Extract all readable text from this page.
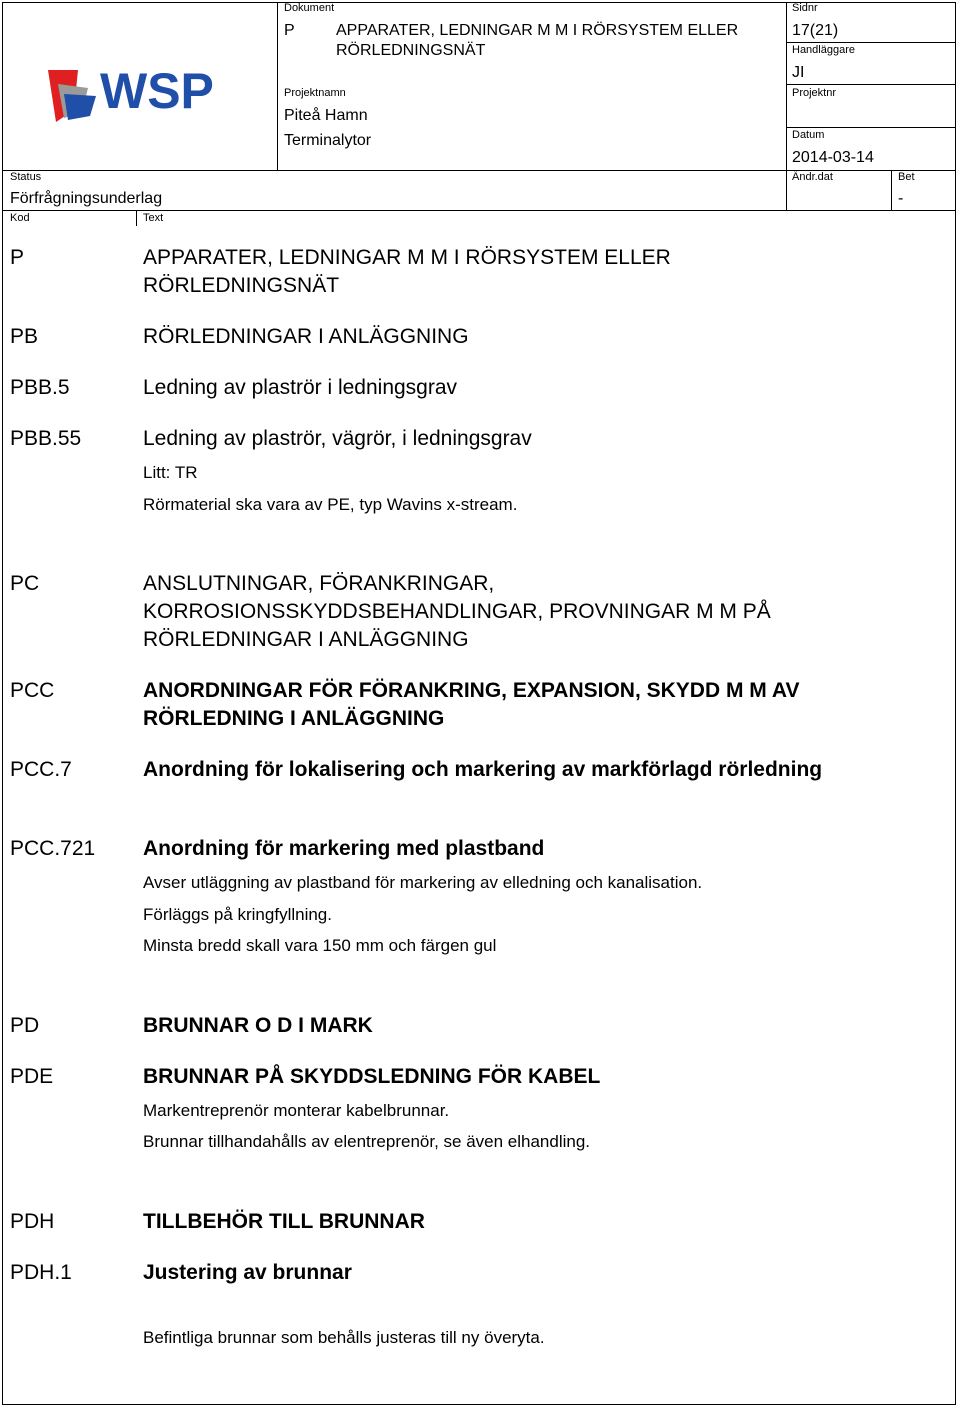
WSP
Dokument
P	APPARATER, LEDNINGAR M M I RÖRSYSTEM ELLER RÖRLEDNINGSNÄT
Sidnr
17(21)
Handläggare
JI
Projektnr
Datum
2014-03-14
Projektnamn
Piteå Hamn
Terminalytor
Status
Förfrågningsunderlag
Ändr.dat	Bet
-
Kod	Text
P	APPARATER, LEDNINGAR M M I RÖRSYSTEM ELLER RÖRLEDNINGSNÄT
PB	RÖRLEDNINGAR I ANLÄGGNING
PBB.5	Ledning av plaströr i ledningsgrav
PBB.55	Ledning av plaströr, vägrör, i ledningsgrav
Litt: TR
Rörmaterial ska vara av PE, typ Wavins x-stream.
PC	ANSLUTNINGAR, FÖRANKRINGAR, KORROSIONSSKYDDSBEHANDLINGAR, PROVNINGAR M M PÅ RÖRLEDNINGAR I ANLÄGGNING
PCC	ANORDNINGAR FÖR FÖRANKRING, EXPANSION, SKYDD M M AV RÖRLEDNING I ANLÄGGNING
PCC.7	Anordning för lokalisering och markering av markförlagd rörledning
PCC.721 Anordning för markering med plastband
Avser utläggning av plastband för markering av elledning och kanalisation.
Förläggs på kringfyllning.
Minsta bredd skall vara 150 mm och färgen gul
PD	BRUNNAR O D I MARK
PDE	BRUNNAR PÅ SKYDDSLEDNING FÖR KABEL
Markentreprenör monterar kabelbrunnar.
Brunnar tillhandahålls av elentreprenör, se även elhandling.
PDH	TILLBEHÖR TILL BRUNNAR
PDH.1	Justering av brunnar
Befintliga brunnar som behålls justeras till ny överyta.
